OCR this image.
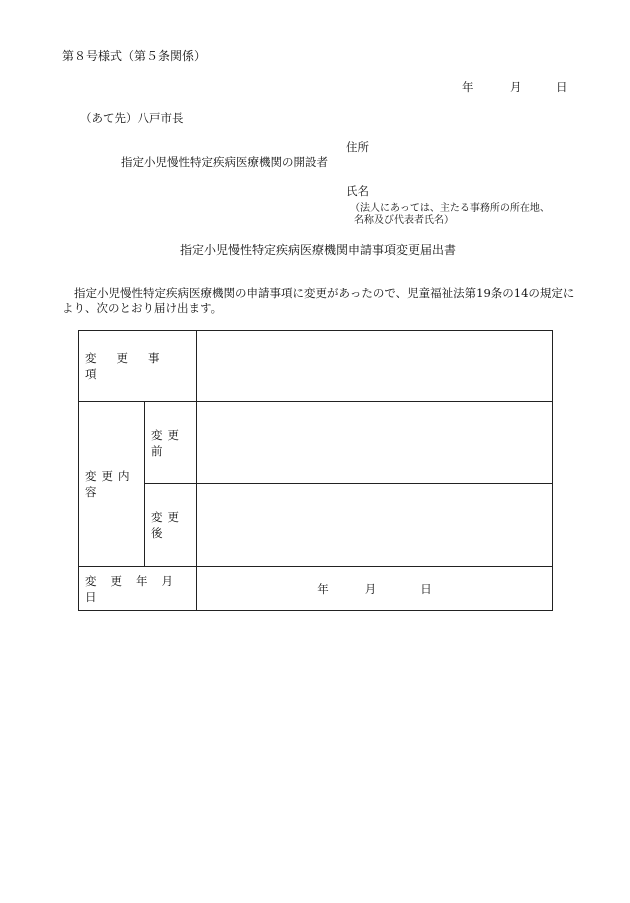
第８号様式（第５条関係）
年	月	日
（あて先）八戸市長
住所
指定小児慢性特定疾病医療機関の開設者
氏名
（法人にあっては、主たる事務所の所在地、
名称及び代表者氏名）
指定小児慢性特定疾病医療機関申請事項変更届出書
指定小児慢性特定疾病医療機関の申請事項に変更があったので、児童福祉法第19条の14の規定により、次のとおり届け出ます。
変更事項		
変更内容	変更前	
	変更後	
変更年月日		年 月 日
